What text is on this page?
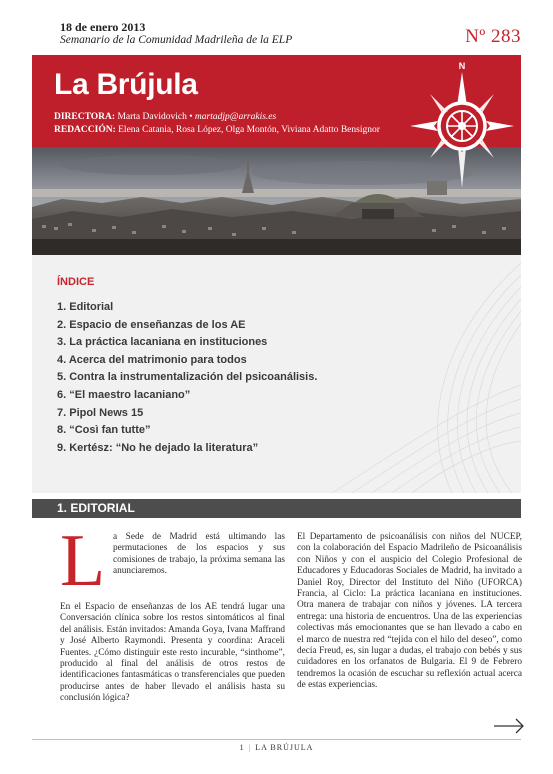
18 de enero 2013
Semanario de la Comunidad Madrileña de la ELP	Nº 283
La Brújula
DIRECTORA: Marta Davidovich • martadjp@arrakis.es
REDACCIÓN: Elena Catania, Rosa López, Olga Montón, Viviana Adatto Bensignor
N
ÍNDICE
1. Editorial
2. Espacio de enseñanzas de los AE
3. La práctica lacaniana en instituciones
4. Acerca del matrimonio para todos
5. Contra la instrumentalización del psicoanálisis.
6. “El maestro lacaniano”
7. Pipol News 15
8. “Così fan tutte”
9. Kertész: “No he dejado la literatura”
1. EDITORIAL
L a Sede de Madrid está ultimando las permutaciones de los espacios y sus comisiones de trabajo, la próxima semana las anunciaremos.
En el Espacio de enseñanzas de los AE tendrá lugar una Conversación clínica sobre los restos sintomáticos al final del análisis. Están invitados: Amanda Goya, Ivana Maffrand y José Alberto Raymondi. Presenta y coordina: Araceli Fuentes. ¿Cómo distinguir este resto incurable, “sinthome”, producido al final del análisis de otros restos de identificaciones fantasmáticas o transferenciales que pueden producirse antes de haber llevado el análisis hasta su conclusión lógica?
El Departamento de psicoanálisis con niños del NUCEP, con la colaboración del Espacio Madrileño de Psicoanálisis con Niños y con el auspicio del Colegio Profesional de Educadores y Educadoras Sociales de Madrid, ha invitado a Daniel Roy, Director del Instituto del Niño (UFORCA) Francia, al Ciclo: La práctica lacaniana en instituciones. Otra manera de trabajar con niños y jóvenes. LA tercera entrega: una historia de encuentros. Una de las experiencias colectivas más emocionantes que se han llevado a cabo en el marco de nuestra red “tejida con el hilo del deseo”, como decía Freud, es, sin lugar a dudas, el trabajo con bebés y sus cuidadores en los orfanatos de Bulgaria. El 9 de Febrero tendremos la ocasión de escuchar su reflexión actual acerca de estas experiencias.
1 | LA BRÚJULA
